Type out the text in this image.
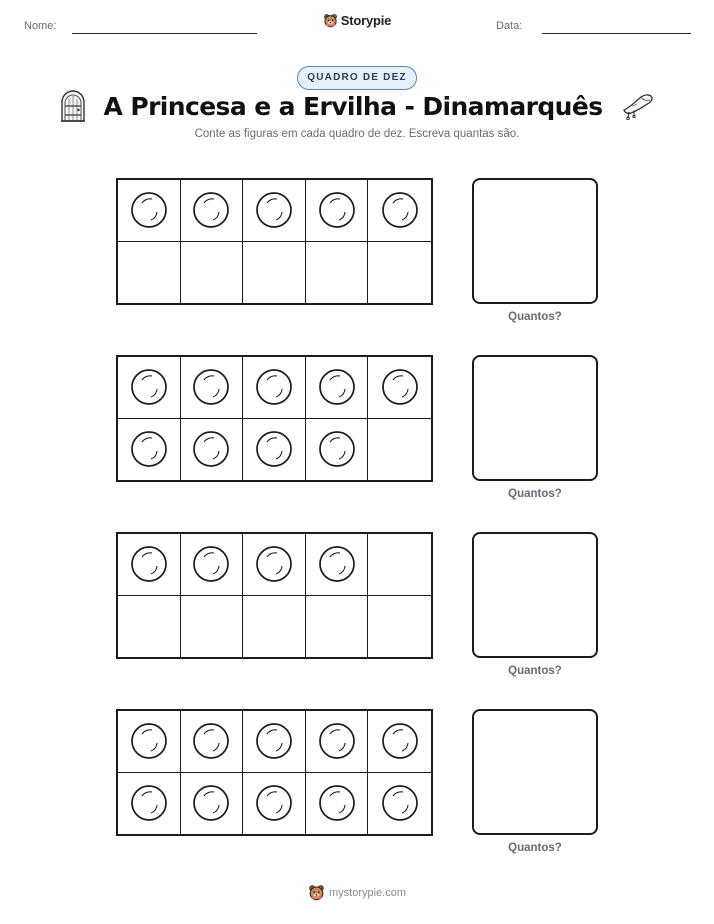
Nome:	Storypie	Data:
QUADRO DE DEZ
A Princesa e a Ervilha - Dinamarquês
Conte as figuras em cada quadro de dez. Escreva quantas são.
Quantos?
Quantos?
Quantos?
Quantos?
mystorypie.com
